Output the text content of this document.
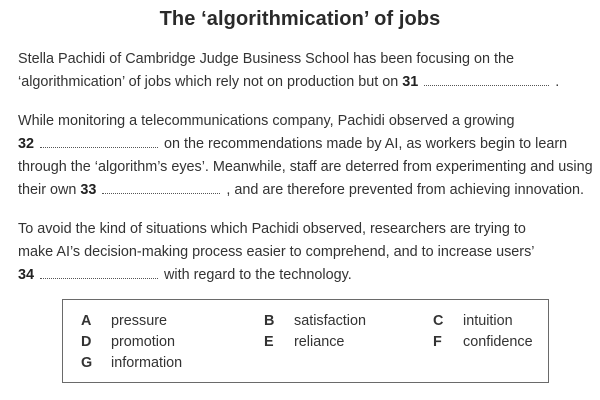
The ‘algorithmication’ of jobs
Stella Pachidi of Cambridge Judge Business School has been focusing on the
‘algorithmication’ of jobs which rely not on production but on 31	.
While monitoring a telecommunications company, Pachidi observed a growing
32	on the recommendations made by AI, as workers begin to learn
through the ‘algorithm’s eyes’. Meanwhile, staff are deterred from experimenting and using
their own 33	, and are therefore prevented from achieving innovation.
To avoid the kind of situations which Pachidi observed, researchers are trying to
make AI’s decision-making process easier to comprehend, and to increase users’
34	with regard to the technology.
A pressure	B satisfaction	C intuition
D promotion	E reliance	F confidence
G information
